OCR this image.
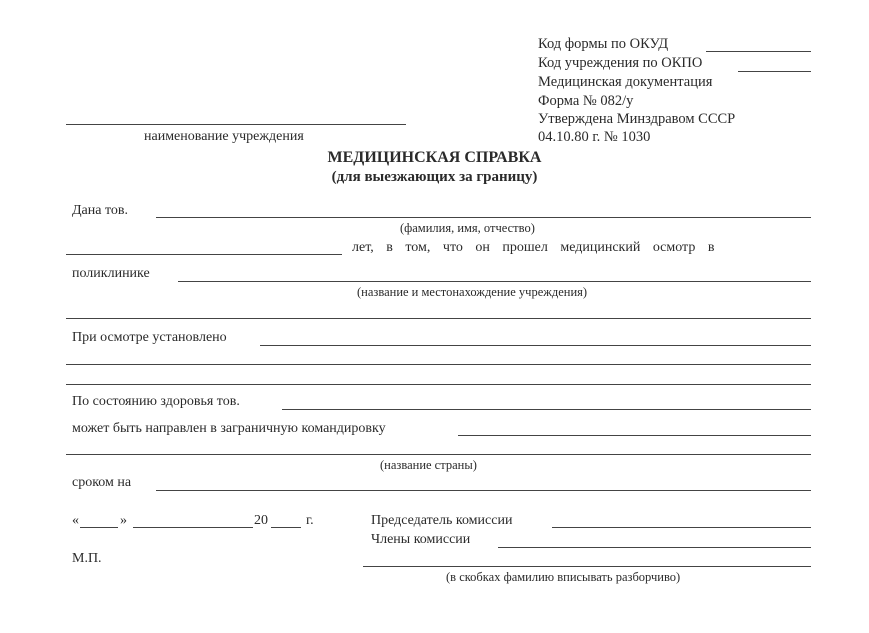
Код формы по ОКУД
Код учреждения по ОКПО
Медицинская документация
Форма № 082/у
Утверждена Минздравом СССР
04.10.80 г. № 1030
наименование учреждения
МЕДИЦИНСКАЯ СПРАВКА
(для выезжающих за границу)
Дана тов.
(фамилия, имя, отчество)
лет, в том, что он прошел медицинский осмотр в
поликлинике
(название и местонахождение учреждения)
При осмотре установлено
По состоянию здоровья тов.
может быть направлен в заграничную командировку
(название страны)
сроком на
«	»	20	г.	Председатель комиссии
Члены комиссии
М.П.
(в скобках фамилию вписывать разборчиво)
